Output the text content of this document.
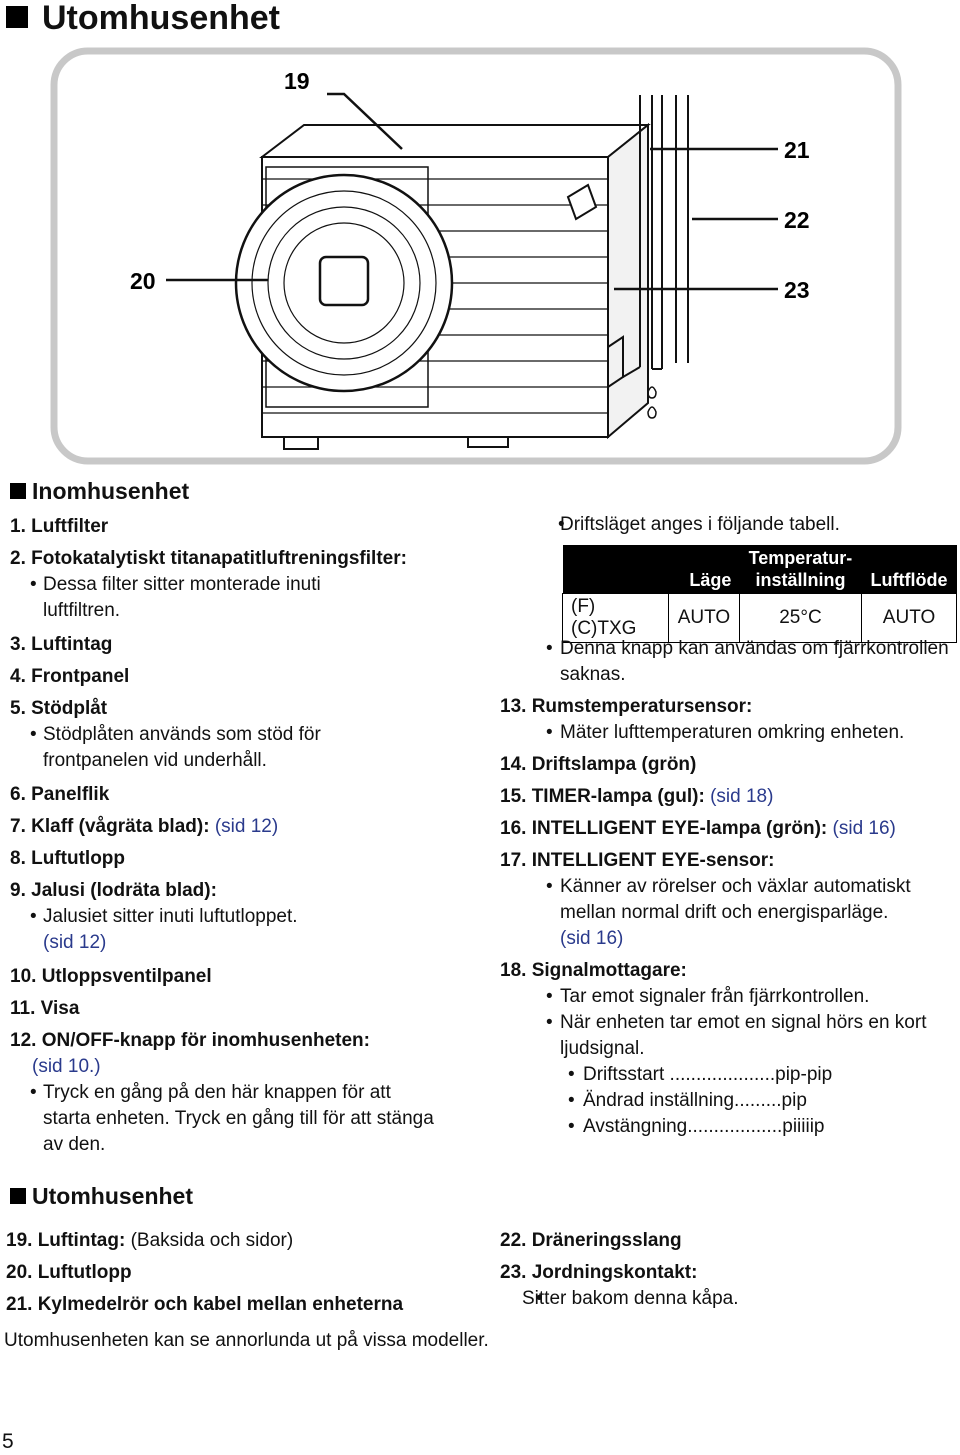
Utomhusenhet
19
20
21
22
23
Inomhusenhet
1. Luftfilter
2. Fotokatalytiskt titanapatitluftreningsfilter:
• Dessa filter sitter monterade inuti
luftfiltren.
3. Luftintag
4. Frontpanel
5. Stödplåt
• Stödplåten används som stöd för
frontpanelen vid underhåll.
6. Panelflik
7. Klaff (vågräta blad): (sid 12)
8. Luftutlopp
9. Jalusi (lodräta blad):
• Jalusiet sitter inuti luftutloppet.
(sid 12)
10. Utloppsventilpanel
11. Visa
12. ON/OFF-knapp för inomhusenheten:
(sid 10.)
• Tryck en gång på den här knappen för att
starta enheten. Tryck en gång till för att stänga
av den.
• Driftsläget anges i följande tabell.
	Läge	Temperatur-
inställning	Luftflöde
(F)(C)TXG	AUTO	25°C	AUTO
• Denna knapp kan användas om fjärrkontrollen
saknas.
13. Rumstemperatursensor:
• Mäter lufttemperaturen omkring enheten.
14. Driftslampa (grön)
15. TIMER-lampa (gul): (sid 18)
16. INTELLIGENT EYE-lampa (grön): (sid 16)
17. INTELLIGENT EYE-sensor:
• Känner av rörelser och växlar automatiskt
mellan normal drift och energisparläge.
(sid 16)
18. Signalmottagare:
• Tar emot signaler från fjärrkontrollen.
• När enheten tar emot en signal hörs en kort
ljudsignal.
• Driftsstart ....................pip-pip
• Ändrad inställning.........pip
• Avstängning..................piiiiip
Utomhusenhet
19. Luftintag: (Baksida och sidor)
20. Luftutlopp
21. Kylmedelrör och kabel mellan enheterna
22. Dräneringsslang
23. Jordningskontakt:
• Sitter bakom denna kåpa.
Utomhusenheten kan se annorlunda ut på vissa modeller.
5
